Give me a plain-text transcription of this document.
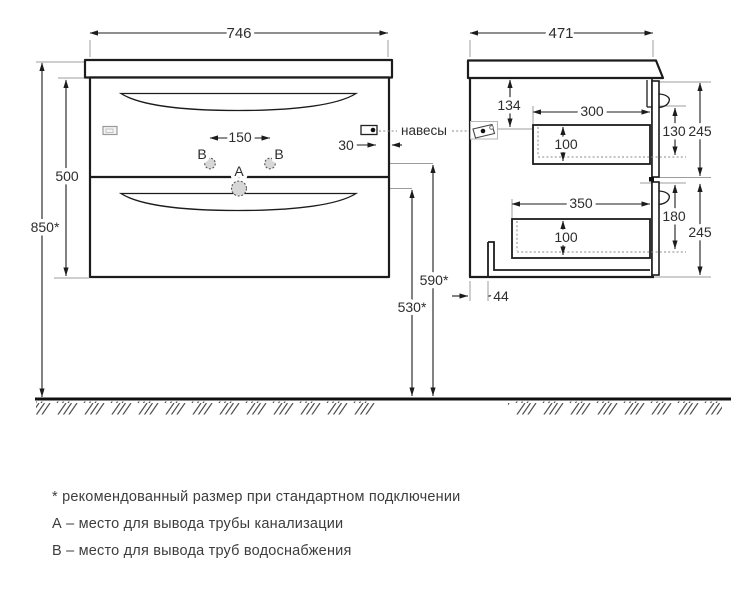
746
500
850*
150	30
A
B	B
590*
530*
навесы
471
134	300
100
130 245
350
100
180
245
44
* рекомендованный размер при стандартном подключении
А – место для вывода трубы канализации
B – место для вывода труб водоснабжения
